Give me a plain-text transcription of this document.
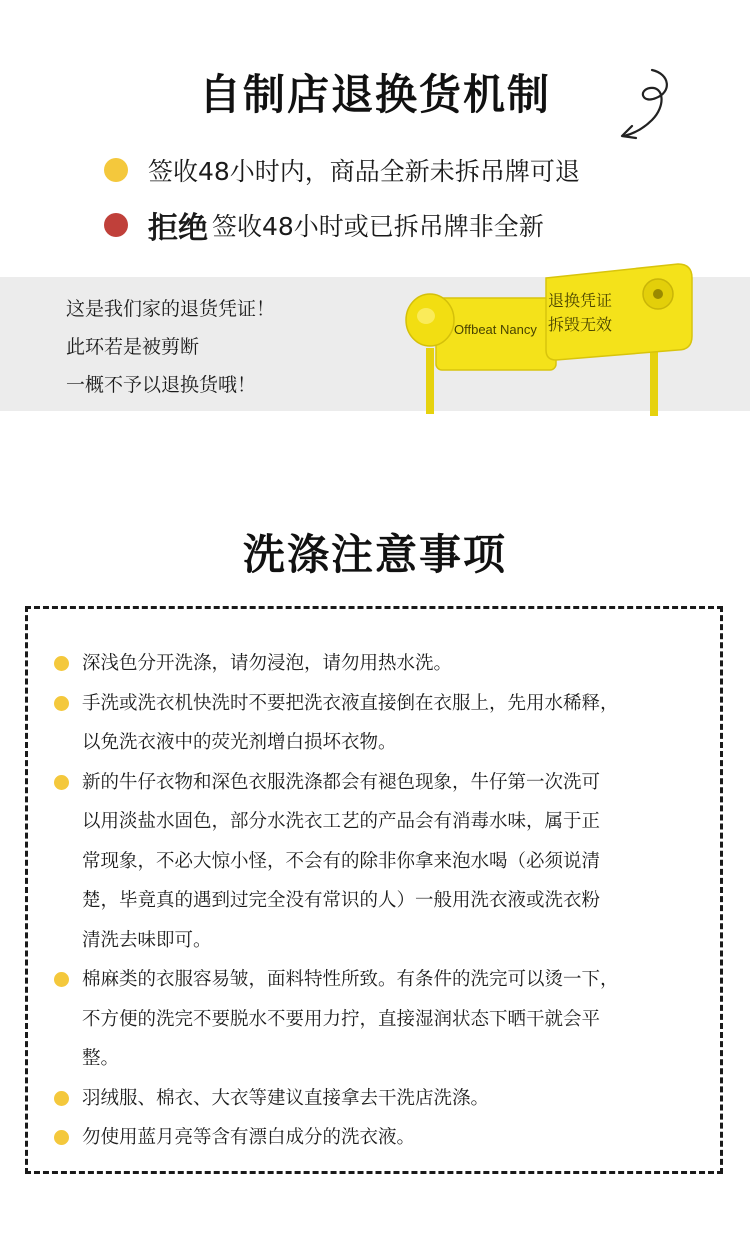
自制店退换货机制
签收48小时内，商品全新未拆吊牌可退
拒绝 签收48小时或已拆吊牌非全新
这是我们家的退货凭证！
此环若是被剪断
一概不予以退换货哦！
Offbeat Nancy
退换凭证
拆毁无效
洗涤注意事项
深浅色分开洗涤，请勿浸泡，请勿用热水洗。
手洗或洗衣机快洗时不要把洗衣液直接倒在衣服上，先用水稀释，
以免洗衣液中的荧光剂增白损坏衣物。
新的牛仔衣物和深色衣服洗涤都会有褪色现象，牛仔第一次洗可
以用淡盐水固色，部分水洗衣工艺的产品会有消毒水味，属于正
常现象，不必大惊小怪，不会有的除非你拿来泡水喝（必须说清
楚，毕竟真的遇到过完全没有常识的人）一般用洗衣液或洗衣粉
清洗去味即可。
棉麻类的衣服容易皱，面料特性所致。有条件的洗完可以烫一下，
不方便的洗完不要脱水不要用力拧，直接湿润状态下晒干就会平
整。
羽绒服、棉衣、大衣等建议直接拿去干洗店洗涤。
勿使用蓝月亮等含有漂白成分的洗衣液。
